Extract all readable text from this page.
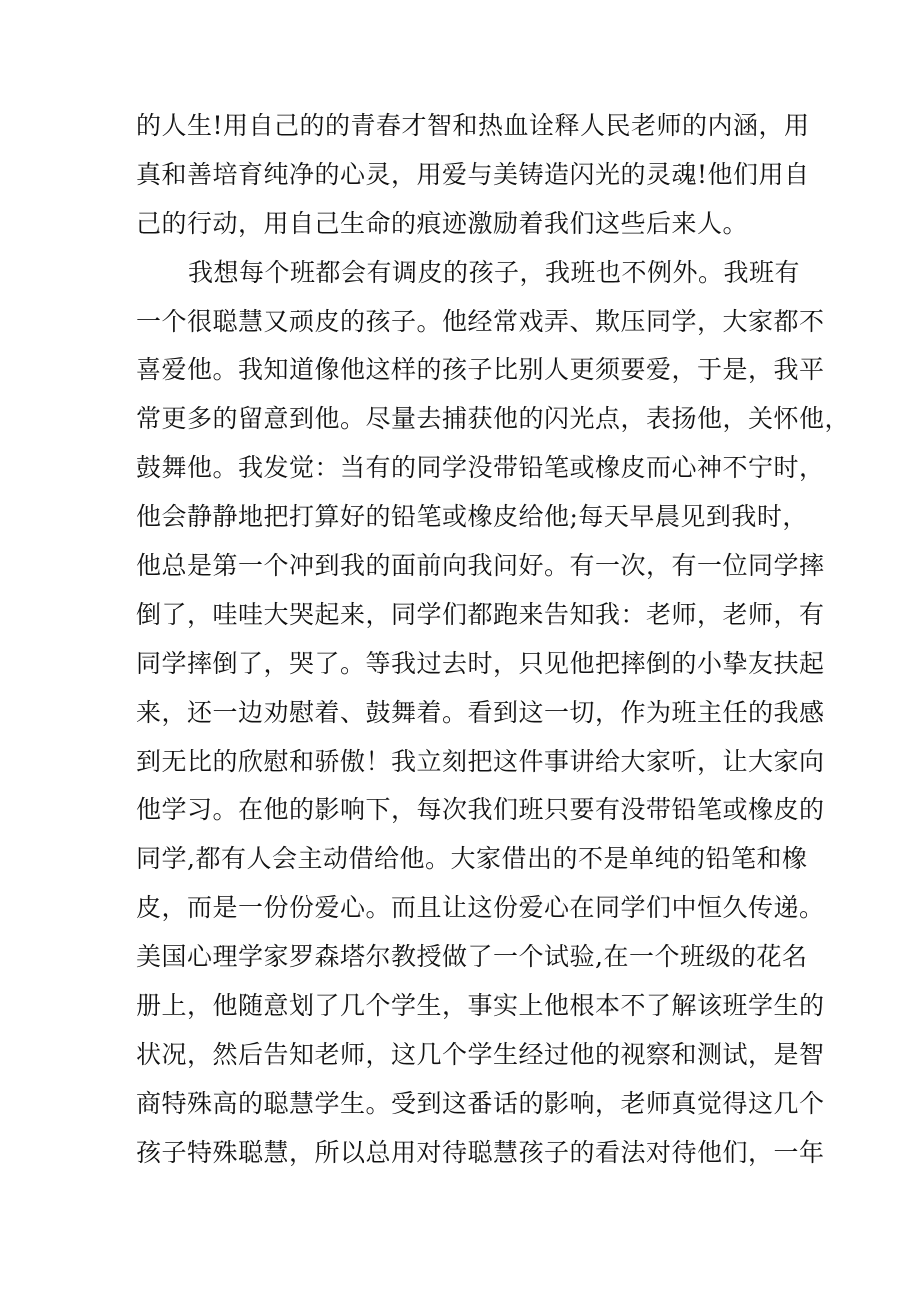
的人生!用自己的的青春才智和热血诠释人民老师的内涵，用
真和善培育纯净的心灵，用爱与美铸造闪光的灵魂!他们用自
己的行动，用自己生命的痕迹激励着我们这些后来人。
我想每个班都会有调皮的孩子，我班也不例外。我班有
一个很聪慧又顽皮的孩子。他经常戏弄、欺压同学，大家都不
喜爱他。我知道像他这样的孩子比别人更须要爱，于是，我平
常更多的留意到他。尽量去捕获他的闪光点，表扬他，关怀他，
鼓舞他。我发觉：当有的同学没带铅笔或橡皮而心神不宁时，
他会静静地把打算好的铅笔或橡皮给他;每天早晨见到我时，
他总是第一个冲到我的面前向我问好。有一次，有一位同学摔
倒了，哇哇大哭起来，同学们都跑来告知我：老师，老师，有
同学摔倒了，哭了。等我过去时，只见他把摔倒的小挚友扶起
来，还一边劝慰着、鼓舞着。看到这一切，作为班主任的我感
到无比的欣慰和骄傲！我立刻把这件事讲给大家听，让大家向
他学习。在他的影响下，每次我们班只要有没带铅笔或橡皮的
同学,都有人会主动借给他。大家借出的不是单纯的铅笔和橡
皮，而是一份份爱心。而且让这份爱心在同学们中恒久传递。
美国心理学家罗森塔尔教授做了一个试验,在一个班级的花名
册上，他随意划了几个学生，事实上他根本不了解该班学生的
状况，然后告知老师，这几个学生经过他的视察和测试，是智
商特殊高的聪慧学生。受到这番话的影响，老师真觉得这几个
孩子特殊聪慧，所以总用对待聪慧孩子的看法对待他们，一年
